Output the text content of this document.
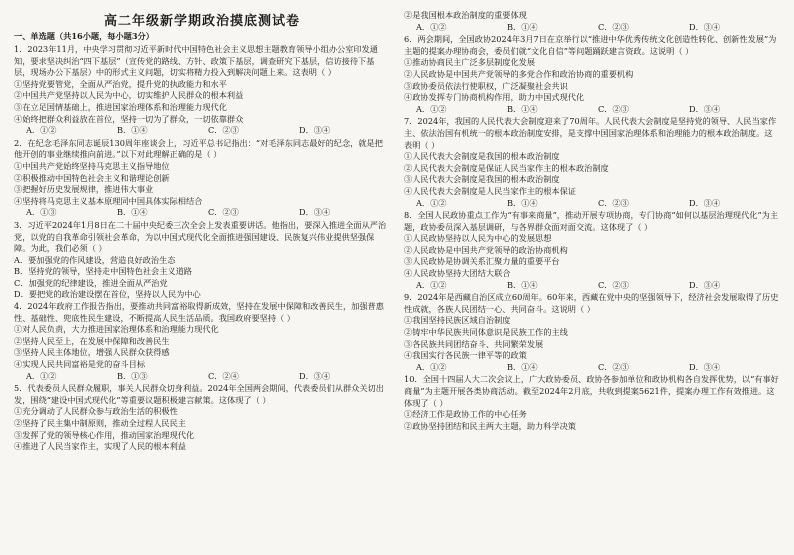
高二年级新学期政治摸底测试卷
一、单选题（共16小题，每小题3分）

1．2023年11月，中央学习贯彻习近平新时代中国特色社会主义思想主题教育领导小组办公室印发通知，要求坚决纠治“四下基层”（宣传党的路线、方针、政策下基层，调查研究下基层，信访接待下基层，现场办公下基层）中的形式主义问题，切实将精力投入到解决问题上来。这表明（ ）

①坚持党要管党，全面从严治党，提升党的执政能力和水平

②中国共产党坚持以人民为中心，切实维护人民群众的根本利益

③在立足国情基础上，推进国家治理体系和治理能力现代化

④始终把群众利益放在首位，坚持一切为了群众，一切依靠群众

A．①②	B．①④	C．②③	D．③④

2．在纪念毛泽东同志诞辰130周年座谈会上，习近平总书记指出：“对毛泽东同志最好的纪念，就是把他开创的事业继续推向前进。”以下对此理解正确的是（ ）

①中国共产党始终坚持马克思主义指导地位

②积极推动中国特色社会主义和谐理论创新

③把握好历史发展规律，推进伟大事业

④坚持将马克思主义基本原理同中国具体实际相结合

A．①③	B．①④	C．②③	D．③④

3．习近平2024年1月8日在二十届中央纪委三次全会上发表重要讲话。他指出，要深入推进全面从严治党，以党的自我革命引领社会革命，为以中国式现代化全面推进强国建设、民族复兴伟业提供坚强保障。为此，我们必须（ ）

A．要加强党的作风建设，营造良好政治生态

B．坚持党的领导，坚持走中国特色社会主义道路

C．加强党的纪律建设，推进全面从严治党

D．要把党的政治建设摆在首位，坚持以人民为中心

4．2024年政府工作报告指出，要推动共同富裕取得新成效，坚持在发展中保障和改善民生，加强普惠性、基础性、兜底性民生建设，不断提高人民生活品质。我国政府要坚持（ ）

①对人民负责，大力推进国家治理体系和治理能力现代化

②坚持人民至上，在发展中保障和改善民生

③坚持人民主体地位，增强人民群众获得感

④实现人民共同富裕是党的奋斗目标

A．①②	B．①③	C．②④	D．③④

5．代表委员人民群众履职，事关人民群众切身利益。2024年全国两会期间，代表委员们从群众关切出发，围绕“建设中国式现代化”等重要议题积极建言献策。这体现了（ ）

①充分调动了人民群众参与政治生活的积极性

②坚持了民主集中制原则，推动全过程人民民主

③发挥了党的领导核心作用，推动国家治理现代化

④推进了人民当家作主，实现了人民的根本利益

②是我国根本政治制度的重要体现

A．①②	B．①④	C．②③	D．③④

6．两会期间，全国政协2024年3月7日在京举行以“推进中华优秀传统文化创造性转化、创新性发展”为主题的提案办理协商会，委员们就“文化自信”等问题踊跃建言资政。这说明（ ）

①推动协商民主广泛多层制度化发展

②人民政协是中国共产党领导的多党合作和政治协商的重要机构

③政协委员依法行使职权，广泛凝聚社会共识

④政协发挥专门协商机构作用，助力中国式现代化

A．①②	B．①④	C．②③	D．③④

7．2024年，我国的人民代表大会制度迎来了70周年。人民代表大会制度是坚持党的领导、人民当家作主、依法治国有机统一的根本政治制度安排，是支撑中国国家治理体系和治理能力的根本政治制度。这表明（ ）

①人民代表大会制度是我国的根本政治制度

②人民代表大会制度是保证人民当家作主的根本政治制度

③人民代表大会制度是我国的根本政治制度

④人民代表大会制度是人民当家作主的根本保证

A．①②	B．①④	C．②③	D．③④

8．全国人民政协重点工作为“有事来商量”，推动开展专项协商，专门协商“如何以基层治理现代化”为主题，政协委员深入基层调研，与各界群众面对面交流。这体现了（ ）

①人民政协坚持以人民为中心的发展思想

②人民政协是中国共产党领导的政治协商机构

③人民政协是协调关系汇聚力量的重要平台

④人民政协坚持大团结大联合

A．①②	B．①④	C．②③	D．③④

9．2024年是西藏自治区成立60周年。60年来，西藏在党中央的坚强领导下，经济社会发展取得了历史性成就，各族人民团结一心、共同奋斗。这说明（ ）

①我国坚持民族区域自治制度

②铸牢中华民族共同体意识是民族工作的主线

③各民族共同团结奋斗、共同繁荣发展

④我国实行各民族一律平等的政策

A．①②	B．①④	C．②③	D．③④

10．全国十四届人大二次会议上，广大政协委员、政协各参加单位和政协机构各自发挥优势，以“有事好商量”为主题开展各类协商活动。截至2024年2月底，共收到提案5621件，提案办理工作有效推进。这体现了（ ）

①经济工作是政协工作的中心任务

②政协坚持团结和民主两大主题，助力科学决策
